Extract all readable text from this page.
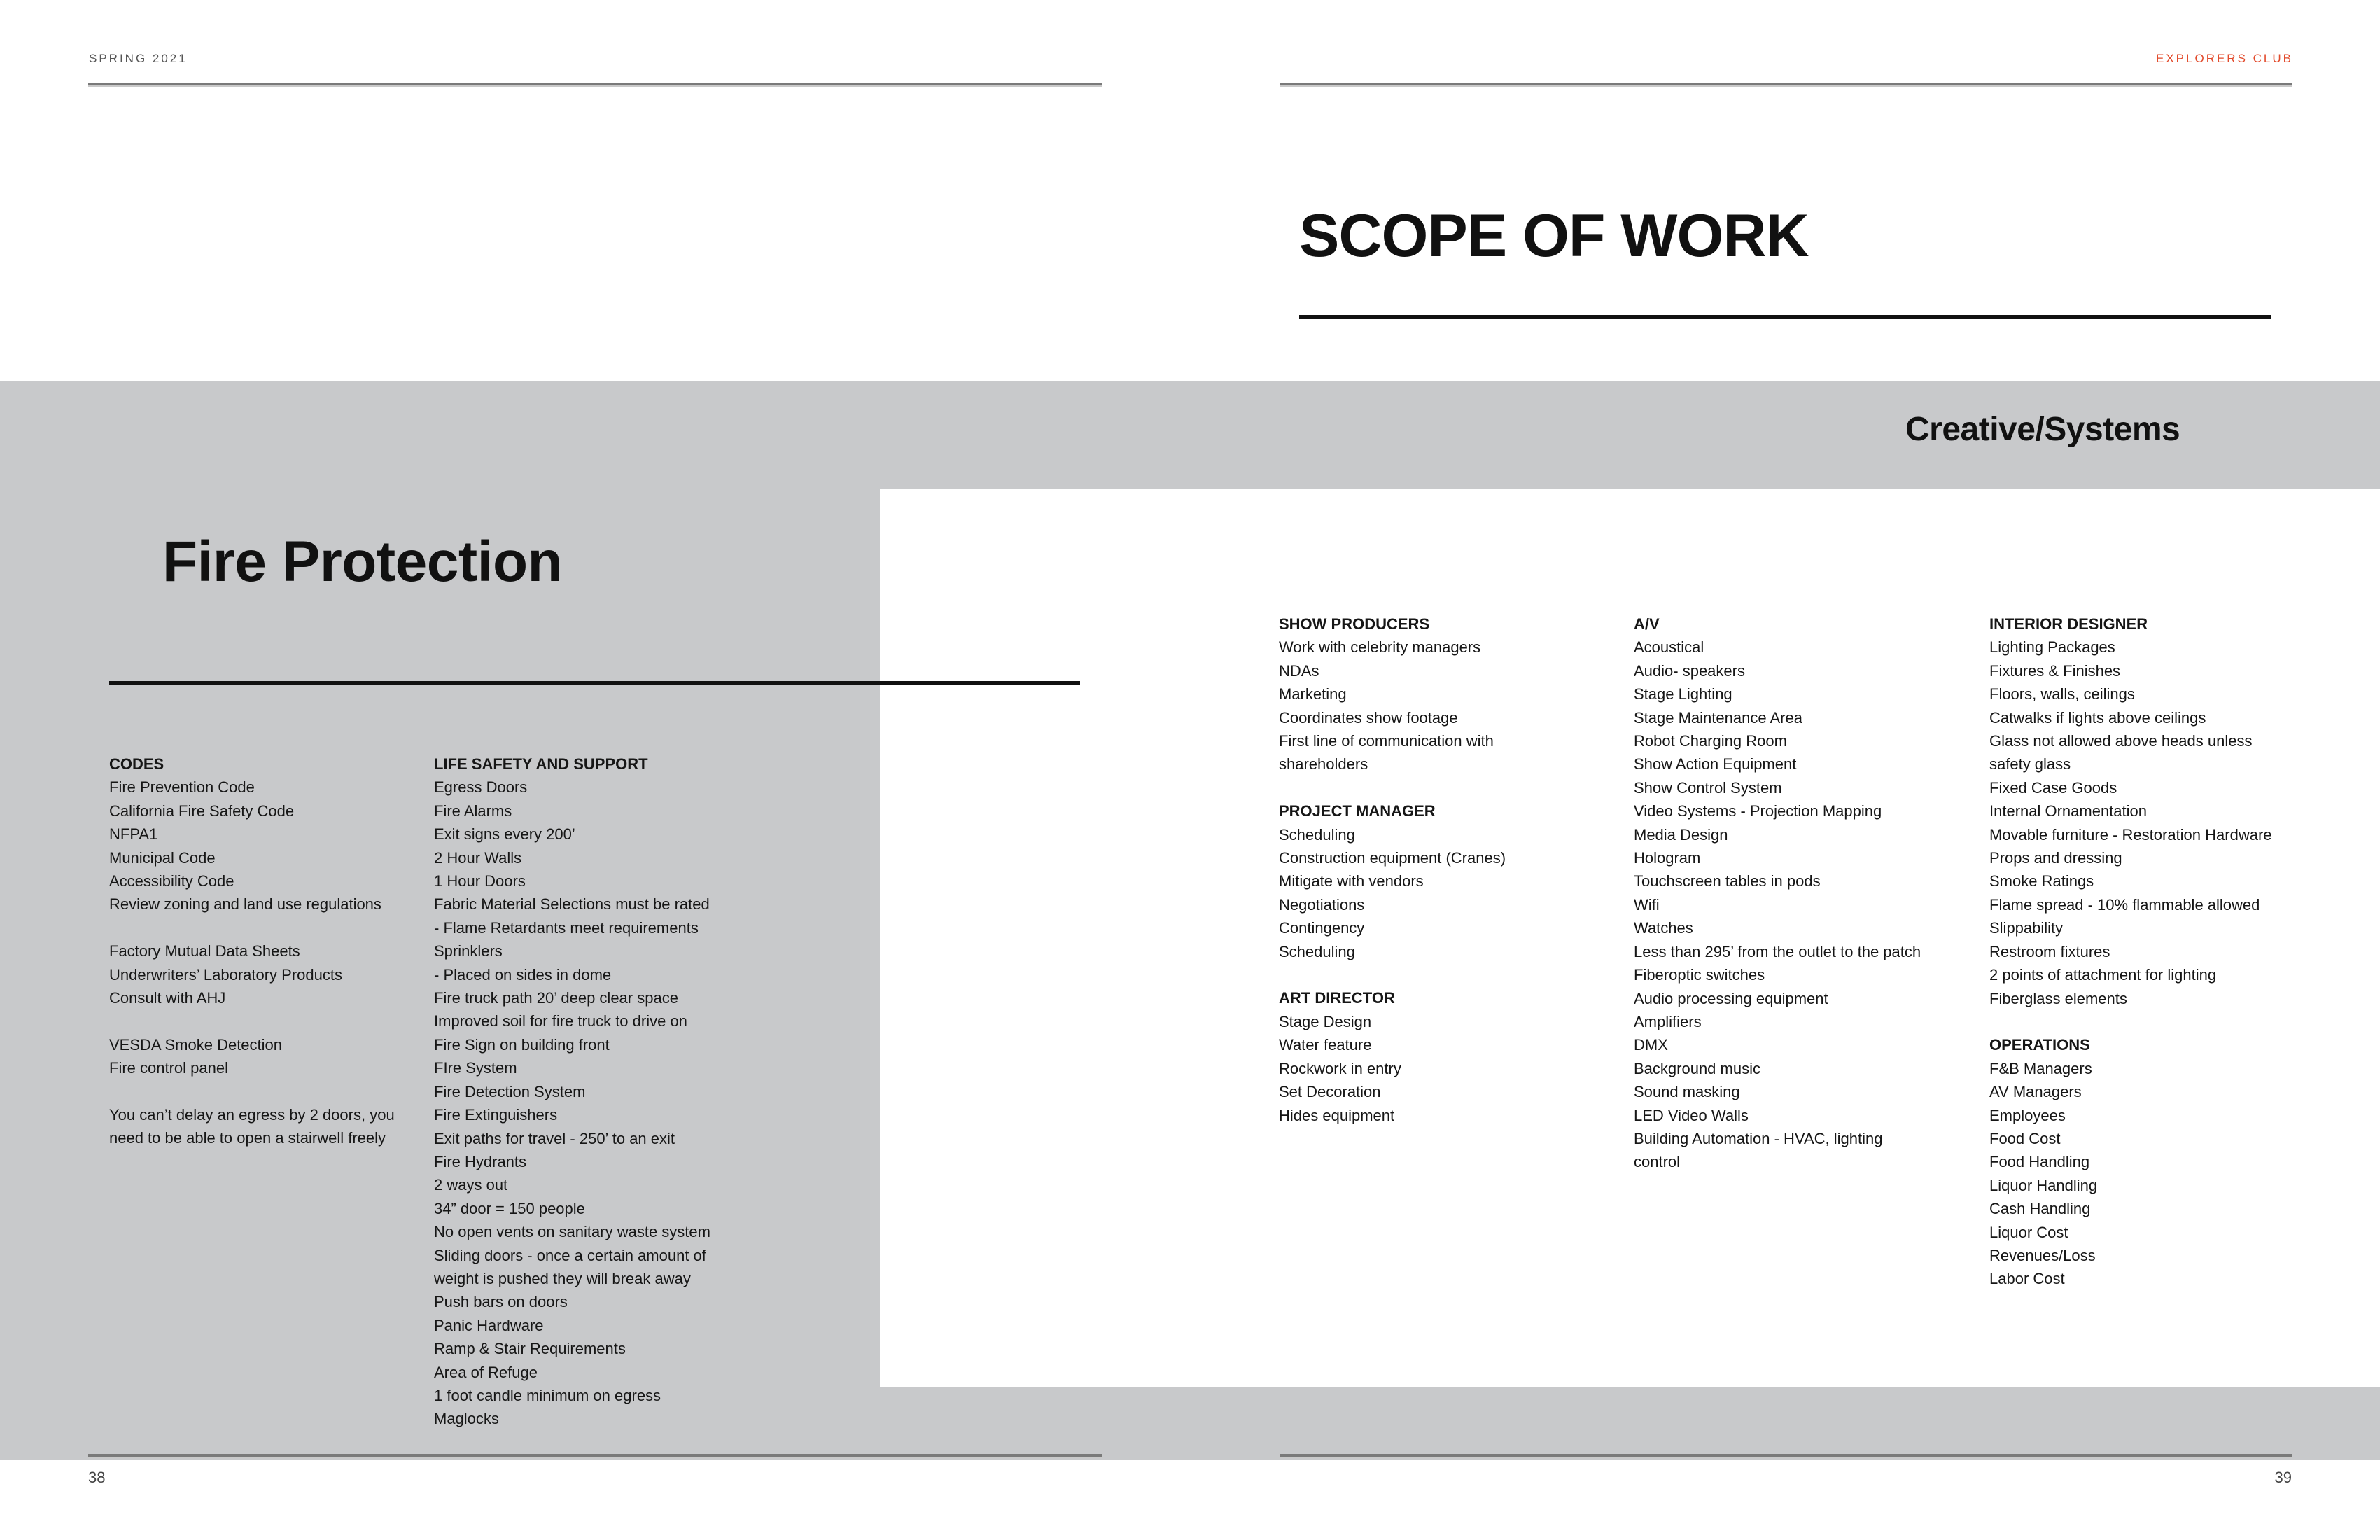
SPRING 2021	EXPLORERS CLUB
SCOPE OF WORK
Creative/Systems
Fire Protection
CODES
Fire Prevention Code
California Fire Safety Code
NFPA1
Municipal Code
Accessibility Code
Review zoning and land use regulations
Factory Mutual Data Sheets
Underwriters’ Laboratory Products
Consult with AHJ
VESDA Smoke Detection
Fire control panel
You can’t delay an egress by 2 doors, you
need to be able to open a stairwell freely
LIFE SAFETY AND SUPPORT
Egress Doors
Fire Alarms
Exit signs every 200’
2 Hour Walls
1 Hour Doors
Fabric Material Selections must be rated
- Flame Retardants meet requirements
Sprinklers
- Placed on sides in dome
Fire truck path 20’ deep clear space
Improved soil for fire truck to drive on
Fire Sign on building front
FIre System
Fire Detection System
Fire Extinguishers
Exit paths for travel - 250’ to an exit
Fire Hydrants
2 ways out
34” door = 150 people
No open vents on sanitary waste system
Sliding doors - once a certain amount of
weight is pushed they will break away
Push bars on doors
Panic Hardware
Ramp & Stair Requirements
Area of Refuge
1 foot candle minimum on egress
Maglocks
SHOW PRODUCERS
Work with celebrity managers
NDAs
Marketing
Coordinates show footage
First line of communication with
shareholders
PROJECT MANAGER
Scheduling
Construction equipment (Cranes)
Mitigate with vendors
Negotiations
Contingency
Scheduling
ART DIRECTOR
Stage Design
Water feature
Rockwork in entry
Set Decoration
Hides equipment
A/V
Acoustical
Audio- speakers
Stage Lighting
Stage Maintenance Area
Robot Charging Room
Show Action Equipment
Show Control System
Video Systems - Projection Mapping
Media Design
Hologram
Touchscreen tables in pods
Wifi
Watches
Less than 295’ from the outlet to the patch
Fiberoptic switches
Audio processing equipment
Amplifiers
DMX
Background music
Sound masking
LED Video Walls
Building Automation - HVAC, lighting
control
INTERIOR DESIGNER
Lighting Packages
Fixtures & Finishes
Floors, walls, ceilings
Catwalks if lights above ceilings
Glass not allowed above heads unless
safety glass
Fixed Case Goods
Internal Ornamentation
Movable furniture - Restoration Hardware
Props and dressing
Smoke Ratings
Flame spread - 10% flammable allowed
Slippability
Restroom fixtures
2 points of attachment for lighting
Fiberglass elements
OPERATIONS
F&B Managers
AV Managers
Employees
Food Cost
Food Handling
Liquor Handling
Cash Handling
Liquor Cost
Revenues/Loss
Labor Cost
38	39
